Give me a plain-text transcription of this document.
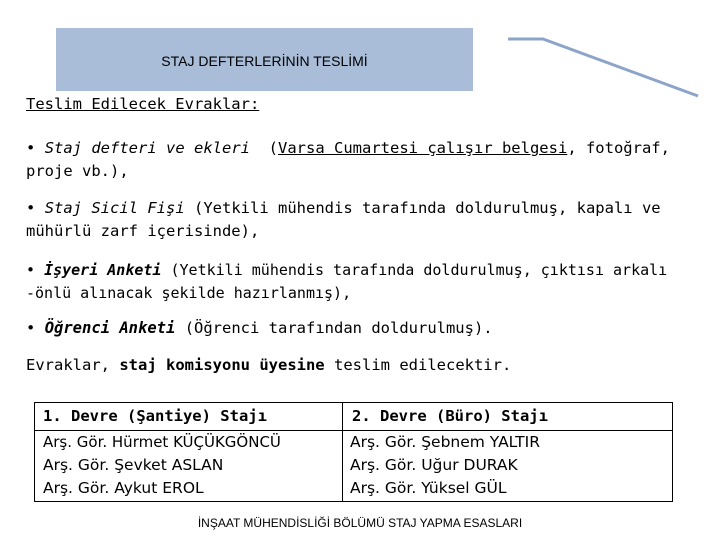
STAJ DEFTERLERİNİN TESLİMİ
Teslim Edilecek Evraklar:
• Staj defteri ve ekleri (Varsa Cumartesi çalışır belgesi, fotoğraf,
proje vb.),
• Staj Sicil Fişi (Yetkili mühendis tarafında doldurulmuş, kapalı ve
mühürlü zarf içerisinde),
• İşyeri Anketi (Yetkili mühendis tarafında doldurulmuş, çıktısı arkalı
-önlü alınacak şekilde hazırlanmış),
• Öğrenci Anketi (Öğrenci tarafından doldurulmuş).
Evraklar, staj komisyonu üyesine teslim edilecektir.
1. Devre (Şantiye) Stajı	2. Devre (Büro) Stajı
Arş. Gör. Hürmet KÜÇÜKGÖNCÜ
Arş. Gör. Şevket ASLAN
Arş. Gör. Aykut EROL
Arş. Gör. Şebnem YALTIR
Arş. Gör. Uğur DURAK
Arş. Gör. Yüksel GÜL
İNŞAAT MÜHENDİSLİĞİ BÖLÜMÜ STAJ YAPMA ESASLARI
